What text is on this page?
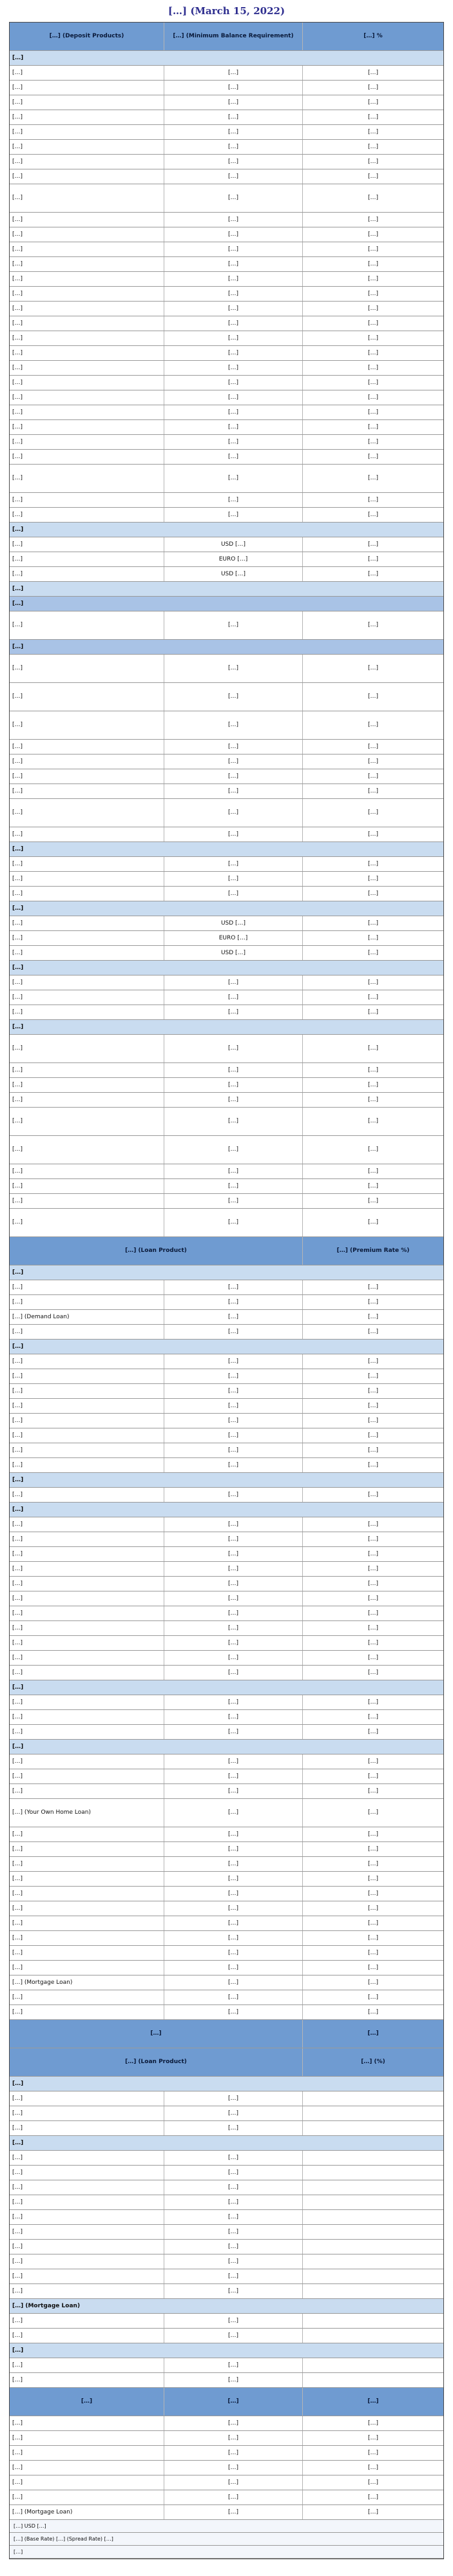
[…] (March 15, 2022)
[…] (Deposit Products)	[…] (Minimum Balance Requirement)	[…] %
[…]
[…]	[…]	[…]
[…]	[…]	[…]
[…]	[…]	[…]
[…]	[…]	[…]
[…]	[…]	[…]
[…]	[…]	[…]
[…]	[…]	[…]
[…]	[…]	[…]
[…]	[…]	[…]
[…]	[…]	[…]
[…]	[…]	[…]
[…]	[…]	[…]
[…]	[…]	[…]
[…]	[…]	[…]
[…]	[…]	[…]
[…]	[…]	[…]
[…]	[…]	[…]
[…]	[…]	[…]
[…]	[…]	[…]
[…]	[…]	[…]
[…]	[…]	[…]
[…]	[…]	[…]
[…]	[…]	[…]
[…]	[…]	[…]
[…]	[…]	[…]
[…]	[…]	[…]
[…]	[…]	[…]
[…]	[…]	[…]
[…]	[…]	[…]
[…]
[…]	USD […]	[…]
[…]	EURO […]	[…]
[…]	USD […]	[…]
[…]
[…]
[…]	[…]	[…]
[…]
[…]	[…]	[…]
[…]	[…]	[…]
[…]	[…]	[…]
[…]	[…]	[…]
[…]	[…]	[…]
[…]	[…]	[…]
[…]	[…]	[…]
[…]	[…]	[…]
[…]	[…]	[…]
[…]
[…]	[…]	[…]
[…]	[…]	[…]
[…]	[…]	[…]
[…]
[…]	USD […]	[…]
[…]	EURO […]	[…]
[…]	USD […]	[…]
[…]
[…]	[…]	[…]
[…]	[…]	[…]
[…]	[…]	[…]
[…]
[…]	[…]	[…]
[…]	[…]	[…]
[…]	[…]	[…]
[…]	[…]	[…]
[…]	[…]	[…]
[…]	[…]	[…]
[…]	[…]	[…]
[…]	[…]	[…]
[…]	[…]	[…]
[…]	[…]	[…]
[…] (Loan Product)	[…] (Premium Rate %)
[…]
[…]	[…]	[…]
[…]	[…]	[…]
[…] (Demand Loan)	[…]	[…]
[…]	[…]	[…]
[…]
[…]	[…]	[…]
[…]	[…]	[…]
[…]	[…]	[…]
[…]	[…]	[…]
[…]	[…]	[…]
[…]	[…]	[…]
[…]	[…]	[…]
[…]	[…]	[…]
[…]
[…]	[…]	[…]
[…]
[…]	[…]	[…]
[…]	[…]	[…]
[…]	[…]	[…]
[…]	[…]	[…]
[…]	[…]	[…]
[…]	[…]	[…]
[…]	[…]	[…]
[…]	[…]	[…]
[…]	[…]	[…]
[…]	[…]	[…]
[…]	[…]	[…]
[…]
[…]	[…]	[…]
[…]	[…]	[…]
[…]	[…]	[…]
[…]
[…]	[…]	[…]
[…]	[…]	[…]
[…]	[…]	[…]
[…] (Your Own Home Loan)	[…]	[…]
[…]	[…]	[…]
[…]	[…]	[…]
[…]	[…]	[…]
[…]	[…]	[…]
[…]	[…]	[…]
[…]	[…]	[…]
[…]	[…]	[…]
[…]	[…]	[…]
[…]	[…]	[…]
[…]	[…]	[…]
[…] (Mortgage Loan)	[…]	[…]
[…]	[…]	[…]
[…]	[…]	[…]
[…]	[…]
[…] (Loan Product)	[…] (%)
[…]
[…]	[…]
[…]	[…]
[…]	[…]
[…]
[…]	[…]
[…]	[…]
[…]	[…]
[…]	[…]
[…]	[…]
[…]	[…]
[…]	[…]
[…]	[…]
[…]	[…]
[…]	[…]
[…] (Mortgage Loan)
[…]	[…]
[…]	[…]
[…]
[…]	[…]
[…]	[…]
[…]	[…]	[…]
[…]	[…]	[…]
[…]	[…]	[…]
[…]	[…]	[…]
[…]	[…]	[…]
[…]	[…]	[…]
[…]	[…]	[…]
[…] (Mortgage Loan)	[…]	[…]
[…] USD […]
[…] (Base Rate) […] (Spread Rate) […]
[…]
